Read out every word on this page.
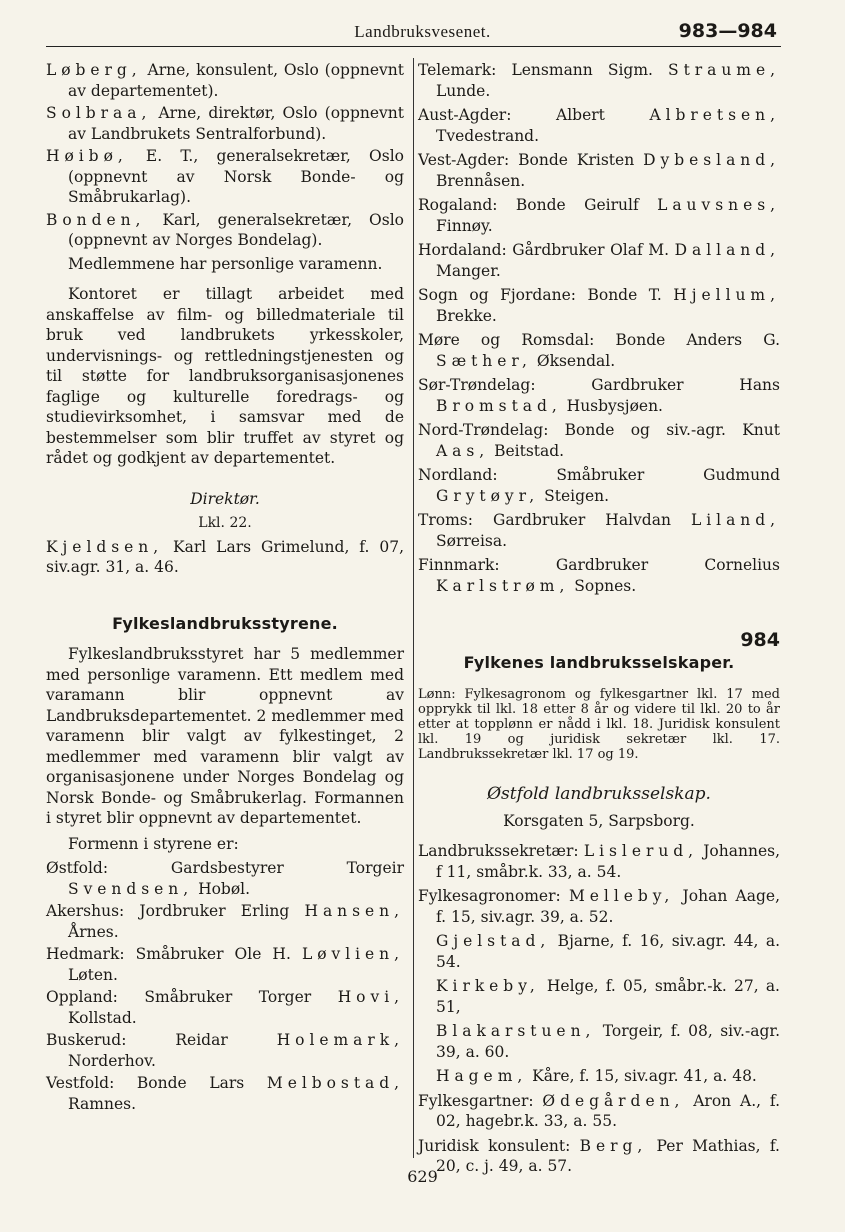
Landbruksvesenet.	983—984

Løberg, Arne, konsulent, Oslo (oppnevnt av departementet).

Solbraa, Arne, direktør, Oslo (oppnevnt av Landbrukets Sentralforbund).

Høibø, E. T., generalsekretær, Oslo (oppnevnt av Norsk Bonde- og Småbrukarlag).

Bonden, Karl, generalsekretær, Oslo (oppnevnt av Norges Bondelag).

Medlemmene har personlige varamenn.

Kontoret er tillagt arbeidet med anskaffelse av film- og billedmateriale til bruk ved landbrukets yrkesskoler, undervisnings- og rettledningstjenesten og til støtte for landbruksorganisasjonenes faglige og kulturelle foredrags- og studievirksomhet, i samsvar med de bestemmelser som blir truffet av styret og rådet og godkjent av departementet.

Direktør.

Lkl. 22.

Kjeldsen, Karl Lars Grimelund, f. 07, siv.agr. 31, a. 46.

Fylkeslandbruksstyrene.

Fylkeslandbruksstyret har 5 medlemmer med personlige varamenn. Ett medlem med varamann blir oppnevnt av Landbruksdepartementet. 2 medlemmer med varamenn blir valgt av fylkestinget, 2 medlemmer med varamenn blir valgt av organisasjonene under Norges Bondelag og Norsk Bonde- og Småbrukerlag. Formannen i styret blir oppnevnt av departementet.

Formenn i styrene er:

Østfold: Gardsbestyrer Torgeir Svendsen, Hobøl.

Akershus: Jordbruker Erling Hansen, Årnes.

Hedmark: Småbruker Ole H. Løvlien, Løten.

Oppland: Småbruker Torger Hovi, Kollstad.

Buskerud: Reidar Holemark, Norderhov.

Vestfold: Bonde Lars Melbostad, Ramnes.

Telemark: Lensmann Sigm. Straume, Lunde.

Aust-Agder: Albert Albretsen, Tvedestrand.

Vest-Agder: Bonde Kristen Dybesland, Brennåsen.

Rogaland: Bonde Geirulf Lauvsnes, Finnøy.

Hordaland: Gårdbruker Olaf M. Dalland, Manger.

Sogn og Fjordane: Bonde T. Hjellum, Brekke.

Møre og Romsdal: Bonde Anders G. Sæther, Øksendal.

Sør-Trøndelag: Gardbruker Hans Bromstad, Husbysjøen.

Nord-Trøndelag: Bonde og siv.-agr. Knut Aas, Beitstad.

Nordland: Småbruker Gudmund Grytøyr, Steigen.

Troms: Gardbruker Halvdan Liland, Sørreisa.

Finnmark: Gardbruker Cornelius Karlstrøm, Sopnes.

984

Fylkenes landbruksselskaper.

Lønn: Fylkesagronom og fylkesgartner lkl. 17 med opprykk til lkl. 18 etter 8 år og videre til lkl. 20 to år etter at topplønn er nådd i lkl. 18. Juridisk konsulent lkl. 19 og juridisk sekretær lkl. 17. Landbrukssekretær lkl. 17 og 19.

Østfold landbruksselskap.

Korsgaten 5, Sarpsborg.

Landbrukssekretær: Lislerud, Johannes, f 11, småbr.k. 33, a. 54.

Fylkesagronomer: Melleby, Johan Aage, f. 15, siv.agr. 39, a. 52.

Gjelstad, Bjarne, f. 16, siv.agr. 44, a. 54.

Kirkeby, Helge, f. 05, småbr.-k. 27, a. 51,

Blakarstuen, Torgeir, f. 08, siv.-agr. 39, a. 60.

Hagem, Kåre, f. 15, siv.agr. 41, a. 48.

Fylkesgartner: Ødegården, Aron A., f. 02, hagebr.k. 33, a. 55.

Juridisk konsulent: Berg, Per Mathias, f. 20, c. j. 49, a. 57.

629
